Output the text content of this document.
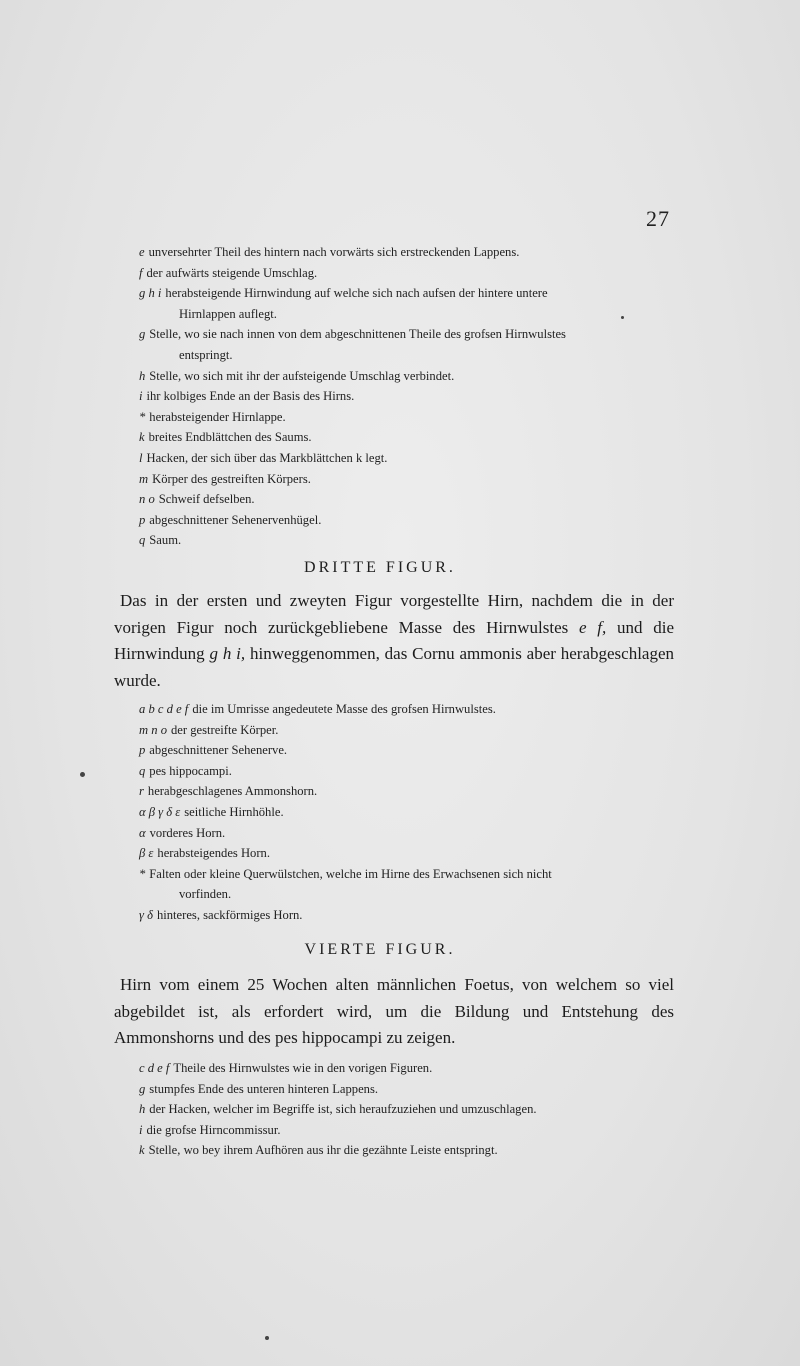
27
e unversehrter Theil des hintern nach vorwärts sich erstreckenden Lappens.
f der aufwärts steigende Umschlag.
g h i herabsteigende Hirnwindung auf welche sich nach aufsen der hintere untere
Hirnlappen auflegt.
g Stelle, wo sie nach innen von dem abgeschnittenen Theile des grofsen Hirnwulstes
entspringt.
h Stelle, wo sich mit ihr der aufsteigende Umschlag verbindet.
i ihr kolbiges Ende an der Basis des Hirns.
* herabsteigender Hirnlappe.
k breites Endblättchen des Saums.
l Hacken, der sich über das Markblättchen k legt.
m Körper des gestreiften Körpers.
n o Schweif defselben.
p abgeschnittener Sehenervenhügel.
q Saum.
DRITTE FIGUR.
Das in der ersten und zweyten Figur vorgestellte Hirn, nachdem die in der vorigen Figur noch zurückgebliebene Masse des Hirnwulstes e f, und die Hirnwindung g h i, hinweggenommen, das Cornu ammonis aber herabgeschlagen wurde.
a b c d e f die im Umrisse angedeutete Masse des grofsen Hirnwulstes.
m n o der gestreifte Körper.
p abgeschnittener Sehenerve.
q pes hippocampi.
r herabgeschlagenes Ammonshorn.
α β γ δ ε seitliche Hirnhöhle.
α vorderes Horn.
β ε herabsteigendes Horn.
* Falten oder kleine Querwülstchen, welche im Hirne des Erwachsenen sich nicht
vorfinden.
γ δ hinteres, sackförmiges Horn.
VIERTE FIGUR.
Hirn vom einem 25 Wochen alten männlichen Foetus, von welchem so viel abgebildet ist, als erfordert wird, um die Bildung und Entstehung des Ammonshorns und des pes hippocampi zu zeigen.
c d e f Theile des Hirnwulstes wie in den vorigen Figuren.
g stumpfes Ende des unteren hinteren Lappens.
h der Hacken, welcher im Begriffe ist, sich heraufzuziehen und umzuschlagen.
i die grofse Hirncommissur.
k Stelle, wo bey ihrem Aufhören aus ihr die gezähnte Leiste entspringt.
